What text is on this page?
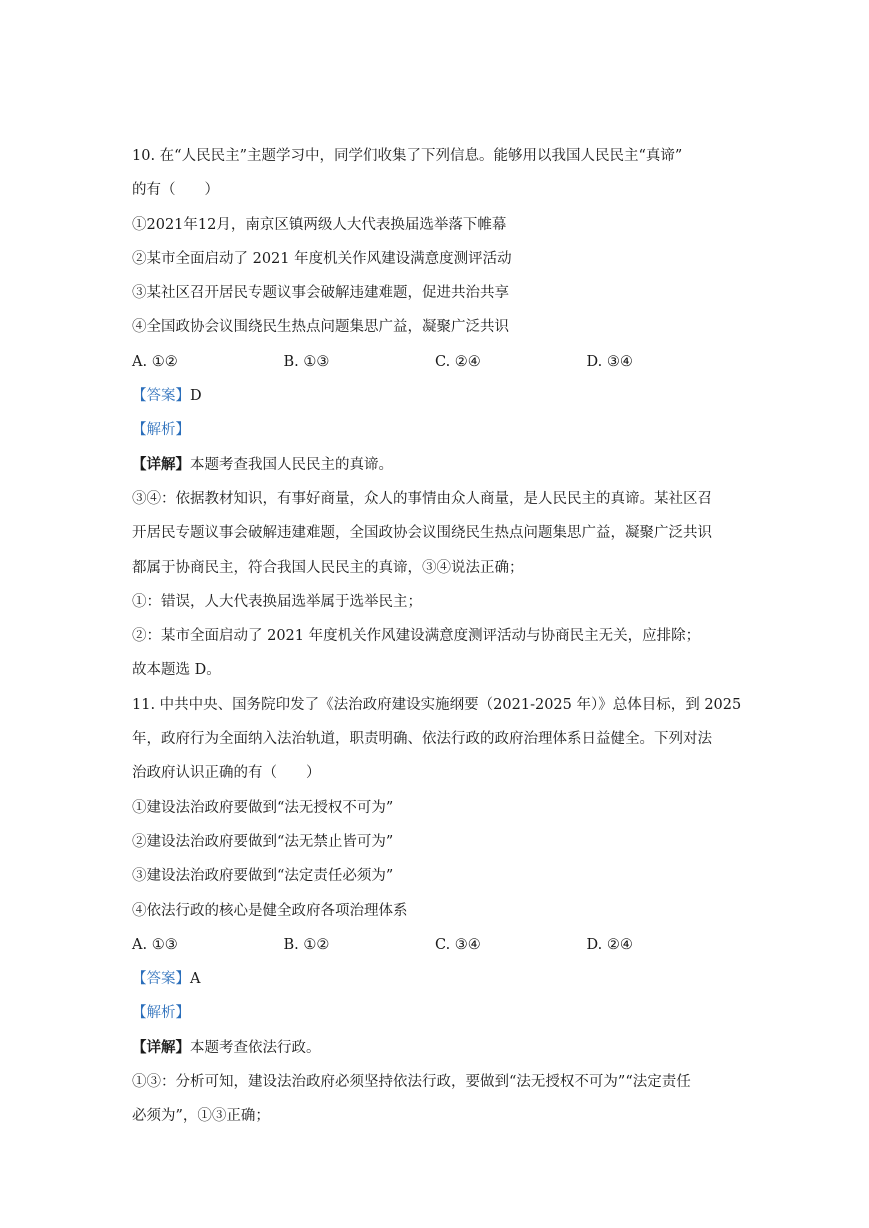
10. 在“人民民主”主题学习中，同学们收集了下列信息。能够用以我国人民民主“真谛”
的有（　　）
①2021年12月，南京区镇两级人大代表换届选举落下帷幕
②某市全面启动了 2021 年度机关作风建设满意度测评活动
③某社区召开居民专题议事会破解违建难题，促进共治共享
④全国政协会议围绕民生热点问题集思广益，凝聚广泛共识
A. ①②	B. ①③	C. ②④	D. ③④
【答案】D
【解析】
【详解】本题考查我国人民民主的真谛。
③④：依据教材知识，有事好商量，众人的事情由众人商量，是人民民主的真谛。某社区召
开居民专题议事会破解违建难题，全国政协会议围绕民生热点问题集思广益，凝聚广泛共识
都属于协商民主，符合我国人民民主的真谛，③④说法正确；
①：错误，人大代表换届选举属于选举民主；
②：某市全面启动了 2021 年度机关作风建设满意度测评活动与协商民主无关，应排除；
故本题选 D。
11. 中共中央、国务院印发了《法治政府建设实施纲要（2021-2025 年）》总体目标，到 2025
年，政府行为全面纳入法治轨道，职责明确、依法行政的政府治理体系日益健全。下列对法
治政府认识正确的有（　　）
①建设法治政府要做到“法无授权不可为”
②建设法治政府要做到“法无禁止皆可为”
③建设法治政府要做到“法定责任必须为”
④依法行政的核心是健全政府各项治理体系
A. ①③	B. ①②	C. ③④	D. ②④
【答案】A
【解析】
【详解】本题考查依法行政。
①③：分析可知，建设法治政府必须坚持依法行政，要做到“法无授权不可为”“法定责任
必须为”，①③正确；
